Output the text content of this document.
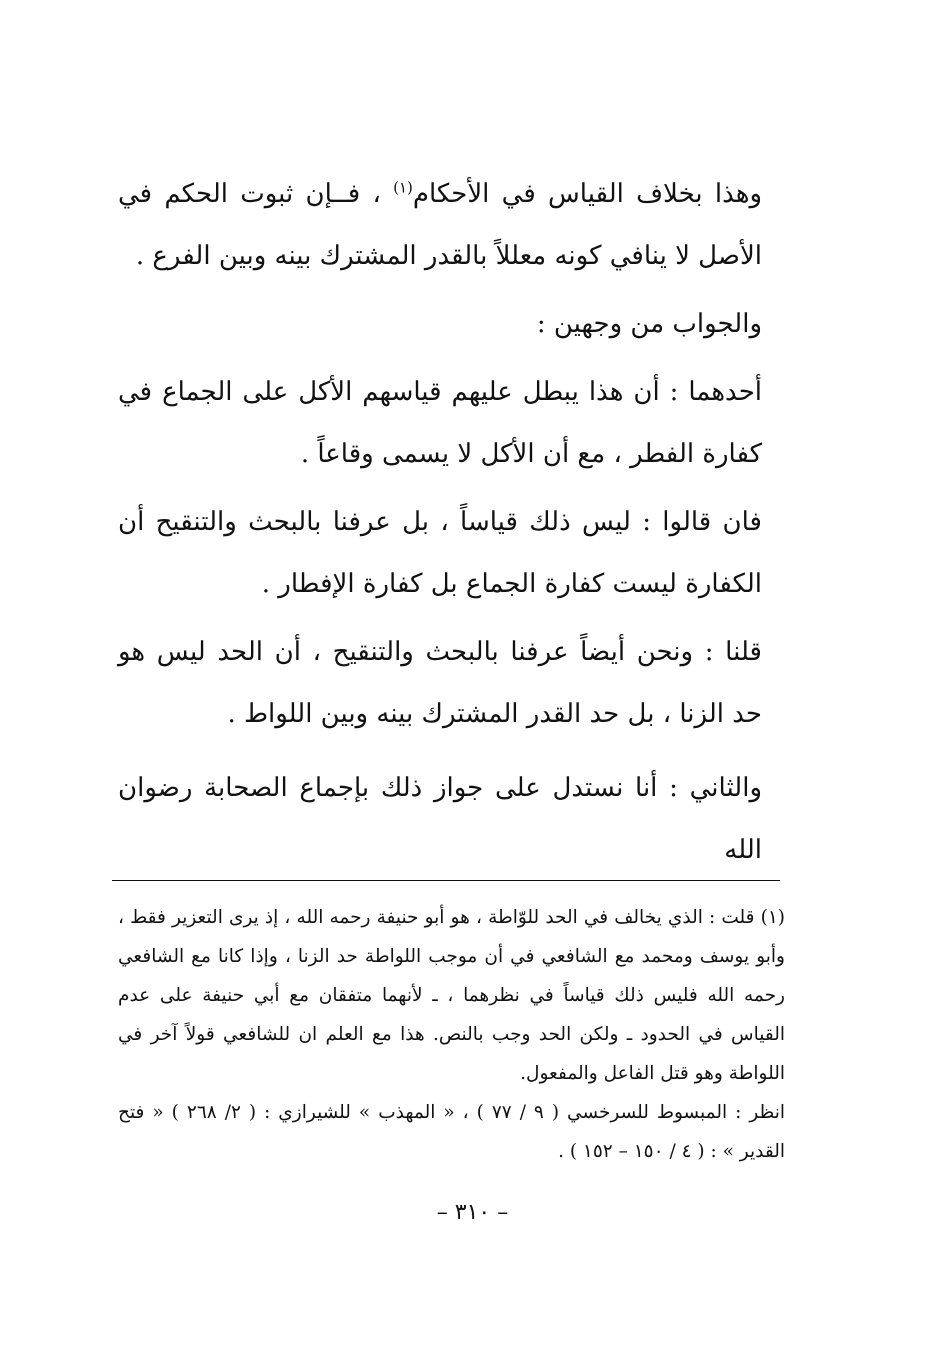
وهذا بخلاف القياس في الأحكام$^{(١)}$ ، فــإن ثبوت الحكم في الأصل لا ينافي كونه معللاً بالقدر المشترك بينه وبين الفرع .

والجواب من وجهين :

أحدهما : أن هذا يبطل عليهم قياسهم الأكل على الجماع في كفارة الفطر ، مع أن الأكل لا يسمى وقاعاً .

فان قالوا : ليس ذلك قياساً ، بل عرفنا بالبحث والتنقيح أن الكفارة ليست كفارة الجماع بل كفارة الإفطار .

قلنا : ونحن أيضاً عرفنا بالبحث والتنقيح ، أن الحد ليس هو حد الزنا ، بل حد القدر المشترك بينه وبين اللواط .

والثاني : أنا نستدل على جواز ذلك بإجماع الصحابة رضوان الله

(١) قلت : الذي يخالف في الحد للوّاطة ، هو أبو حنيفة رحمه الله ، إذ يرى التعزير فقط ، وأبو يوسف ومحمد مع الشافعي في أن موجب اللواطة حد الزنا ، وإذا كانا مع الشافعي رحمه الله فليس ذلك قياساً في نظرهما ، ـ لأنهما متفقان مع أبي حنيفة على عدم القياس في الحدود ـ ولكن الحد وجب بالنص. هذا مع العلم ان للشافعي قولاً آخر في اللواطة وهو قتل الفاعل والمفعول.

انظر : المبسوط للسرخسي ( ٩ / ٧٧ ) ، « المهذب » للشيرازي : ( ٢/ ٢٦٨ ) « فتح القدير » : ( ٤ / ١٥٠ – ١٥٢ ) .

– ٣١٠ –
